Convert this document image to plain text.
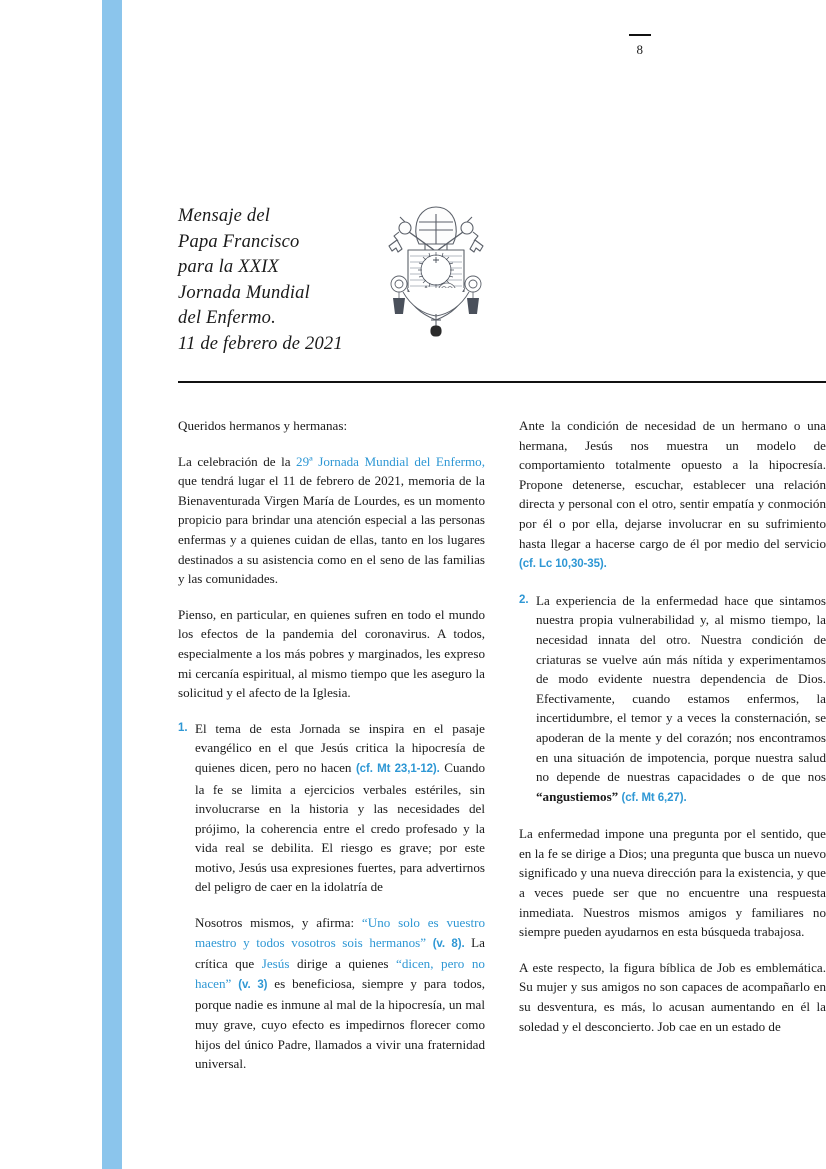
8
Mensaje del
Papa Francisco
para la XXIX
Jornada Mundial
del Enfermo.
11 de febrero de 2021

Queridos hermanos y hermanas:

La celebración de la 29ª Jornada Mundial del Enfermo, que tendrá lugar el 11 de febrero de 2021, memoria de la Bienaventurada Virgen María de Lourdes, es un momento propicio para brindar una atención especial a las personas enfermas y a quienes cuidan de ellas, tanto en los lugares destinados a su asistencia como en el seno de las familias y las comunidades.

Pienso, en particular, en quienes sufren en todo el mundo los efectos de la pandemia del coronavirus. A todos, especialmente a los más pobres y marginados, les expreso mi cercanía espiritual, al mismo tiempo que les aseguro la solicitud y el afecto de la Iglesia.

1. El tema de esta Jornada se inspira en el pasaje evangélico en el que Jesús critica la hipocresía de quienes dicen, pero no hacen (cf. Mt 23,1-12). Cuando la fe se limita a ejercicios verbales estériles, sin involucrarse en la historia y las necesidades del prójimo, la coherencia entre el credo profesado y la vida real se debilita. El riesgo es grave; por este motivo, Jesús usa expresiones fuertes, para advertirnos del peligro de caer en la idolatría de
Nosotros mismos, y afirma: “Uno solo es vuestro maestro y todos vosotros sois hermanos” (v. 8). La crítica que Jesús dirige a quienes “dicen, pero no hacen” (v. 3) es beneficiosa, siempre y para todos, porque nadie es inmune al mal de la hipocresía, un mal muy grave, cuyo efecto es impedirnos florecer como hijos del único Padre, llamados a vivir una fraternidad universal.

Ante la condición de necesidad de un hermano o una hermana, Jesús nos muestra un modelo de comportamiento totalmente opuesto a la hipocresía. Propone detenerse, escuchar, establecer una relación directa y personal con el otro, sentir empatía y conmoción por él o por ella, dejarse involucrar en su sufrimiento hasta llegar a hacerse cargo de él por medio del servicio (cf. Lc 10,30-35).

2. La experiencia de la enfermedad hace que sintamos nuestra propia vulnerabilidad y, al mismo tiempo, la necesidad innata del otro. Nuestra condición de criaturas se vuelve aún más nítida y experimentamos de modo evidente nuestra dependencia de Dios. Efectivamente, cuando estamos enfermos, la incertidumbre, el temor y a veces la consternación, se apoderan de la mente y del corazón; nos encontramos en una situación de impotencia, porque nuestra salud no depende de nuestras capacidades o de que nos “angustiemos” (cf. Mt 6,27).

La enfermedad impone una pregunta por el sentido, que en la fe se dirige a Dios; una pregunta que busca un nuevo significado y una nueva dirección para la existencia, y que a veces puede ser que no encuentre una respuesta inmediata. Nuestros mismos amigos y familiares no siempre pueden ayudarnos en esta búsqueda trabajosa.

A este respecto, la figura bíblica de Job es emblemática. Su mujer y sus amigos no son capaces de acompañarlo en su desventura, es más, lo acusan aumentando en él la soledad y el desconcierto. Job cae en un estado de
